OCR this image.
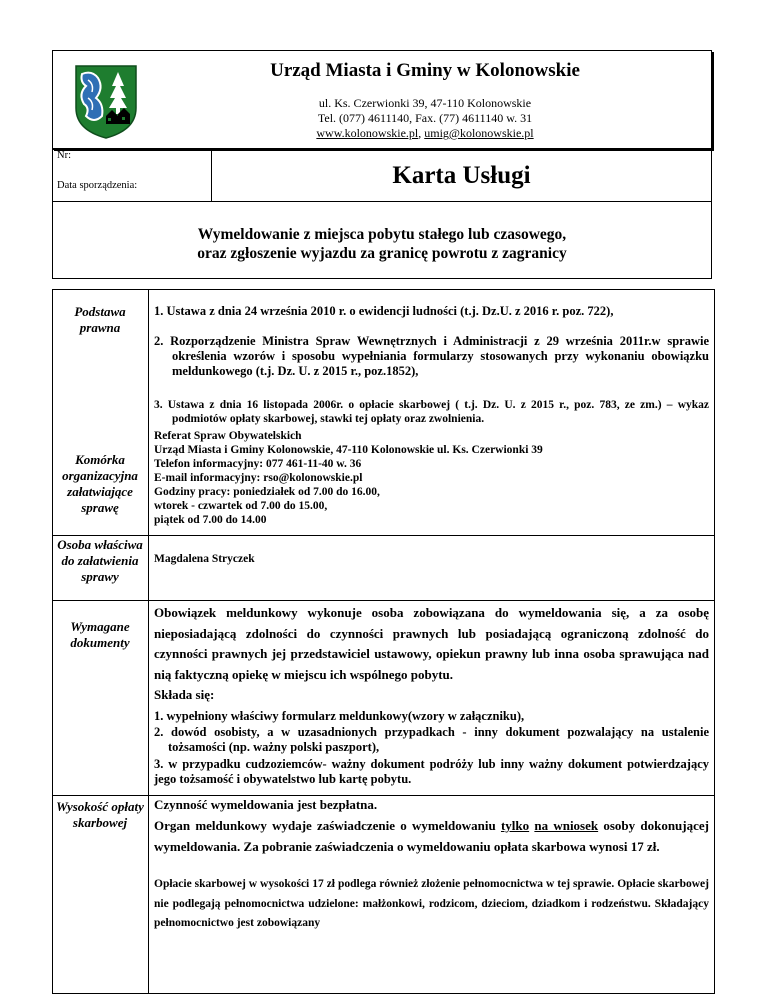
Urząd Miasta i Gminy w Kolonowskie
ul. Ks. Czerwionki 39, 47-110 Kolonowskie
Tel. (077) 4611140, Fax. (77) 4611140 w. 31
www.kolonowskie.pl, umig@kolonowskie.pl
Nr:
Data sporządzenia:	Karta Usługi
Wymeldowanie z miejsca pobytu stałego lub czasowego,
oraz zgłoszenie wyjazdu za granicę powrotu z zagranicy
Podstawa prawna
1. Ustawa z dnia 24 września 2010 r. o ewidencji ludności (t.j. Dz.U. z 2016 r. poz. 722),
2. Rozporządzenie Ministra Spraw Wewnętrznych i Administracji z 29 września 2011r.w sprawie określenia wzorów i sposobu wypełniania formularzy stosowanych przy wykonaniu obowiązku meldunkowego (t.j. Dz. U. z 2015 r., poz.1852),
3. Ustawa z dnia 16 listopada 2006r. o opłacie skarbowej ( t.j. Dz. U. z 2015 r., poz. 783, ze zm.) – wykaz podmiotów opłaty skarbowej, stawki tej opłaty oraz zwolnienia.
Komórka organizacyjna załatwiające sprawę
Referat Spraw Obywatelskich
Urząd Miasta i Gminy Kolonowskie, 47-110 Kolonowskie ul. Ks. Czerwionki 39
Telefon informacyjny: 077 461-11-40 w. 36
E-mail informacyjny: rso@kolonowskie.pl
Godziny pracy: poniedziałek od 7.00 do 16.00,
wtorek - czwartek od 7.00 do 15.00,
piątek od 7.00 do 14.00
Osoba właściwa do załatwienia sprawy
Magdalena Stryczek
Wymagane dokumenty
Obowiązek meldunkowy wykonuje osoba zobowiązana do wymeldowania się, a za osobę nieposiadającą zdolności do czynności prawnych lub posiadającą ograniczoną zdolność do czynności prawnych jej przedstawiciel ustawowy, opiekun prawny lub inna osoba sprawująca nad nią faktyczną opiekę w miejscu ich wspólnego pobytu.
Składa się:
1. wypełniony właściwy formularz meldunkowy(wzory w załączniku),
2. dowód osobisty, a w uzasadnionych przypadkach - inny dokument pozwalający na ustalenie tożsamości (np. ważny polski paszport),
3. w przypadku cudzoziemców- ważny dokument podróży lub inny ważny dokument potwierdzający jego tożsamość i obywatelstwo lub kartę pobytu.
Wysokość opłaty skarbowej
Czynność wymeldowania jest bezpłatna.
Organ meldunkowy wydaje zaświadczenie o wymeldowaniu tylko na wniosek osoby dokonującej wymeldowania. Za pobranie zaświadczenia o wymeldowaniu opłata skarbowa wynosi 17 zł.
Opłacie skarbowej w wysokości 17 zł podlega również złożenie pełnomocnictwa w tej sprawie. Opłacie skarbowej nie podlegają pełnomocnictwa udzielone: małżonkowi, rodzicom, dzieciom, dziadkom i rodzeństwu. Składający pełnomocnictwo jest zobowiązany
